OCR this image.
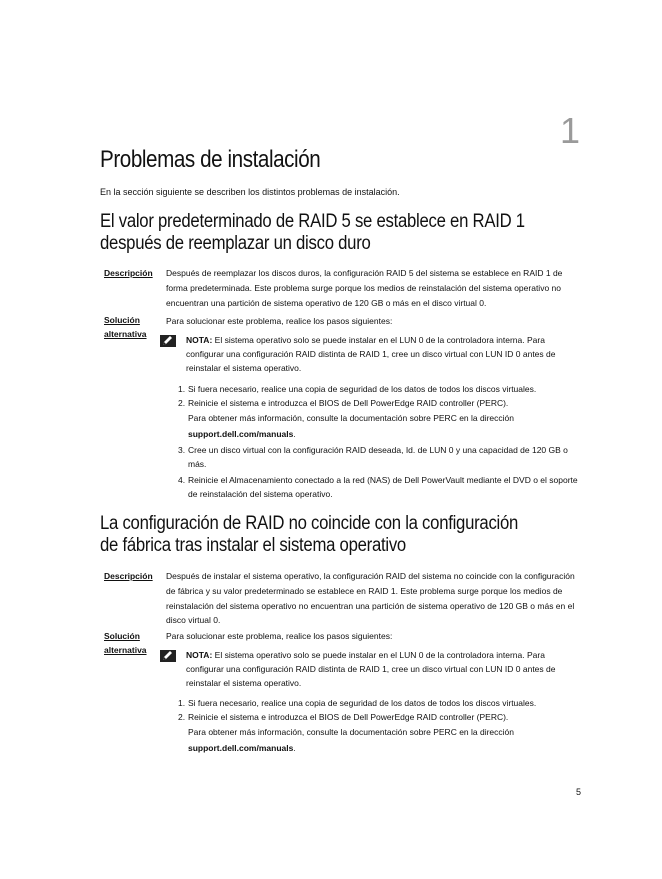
1
Problemas de instalación
En la sección siguiente se describen los distintos problemas de instalación.
El valor predeterminado de RAID 5 se establece en RAID 1 después de reemplazar un disco duro
Descripción	Después de reemplazar los discos duros, la configuración RAID 5 del sistema se establece en RAID 1 de forma predeterminada. Este problema surge porque los medios de reinstalación del sistema operativo no encuentran una partición de sistema operativo de 120 GB o más en el disco virtual 0.
Solución alternativa
Para solucionar este problema, realice los pasos siguientes:
NOTA: El sistema operativo solo se puede instalar en el LUN 0 de la controladora interna. Para configurar una configuración RAID distinta de RAID 1, cree un disco virtual con LUN ID 0 antes de reinstalar el sistema operativo.
1. Si fuera necesario, realice una copia de seguridad de los datos de todos los discos virtuales.
2. Reinicie el sistema e introduzca el BIOS de Dell PowerEdge RAID controller (PERC).
Para obtener más información, consulte la documentación sobre PERC en la dirección
support.dell.com/manuals.
3. Cree un disco virtual con la configuración RAID deseada, Id. de LUN 0 y una capacidad de 120 GB o más.
4. Reinicie el Almacenamiento conectado a la red (NAS) de Dell PowerVault mediante el DVD o el soporte de reinstalación del sistema operativo.
La configuración de RAID no coincide con la configuración de fábrica tras instalar el sistema operativo
Descripción	Después de instalar el sistema operativo, la configuración RAID del sistema no coincide con la configuración de fábrica y su valor predeterminado se establece en RAID 1. Este problema surge porque los medios de reinstalación del sistema operativo no encuentran una partición de sistema operativo de 120 GB o más en el disco virtual 0.
Solución alternativa
Para solucionar este problema, realice los pasos siguientes:
NOTA: El sistema operativo solo se puede instalar en el LUN 0 de la controladora interna. Para configurar una configuración RAID distinta de RAID 1, cree un disco virtual con LUN ID 0 antes de reinstalar el sistema operativo.
1. Si fuera necesario, realice una copia de seguridad de los datos de todos los discos virtuales.
2. Reinicie el sistema e introduzca el BIOS de Dell PowerEdge RAID controller (PERC).
Para obtener más información, consulte la documentación sobre PERC en la dirección
support.dell.com/manuals.
5
